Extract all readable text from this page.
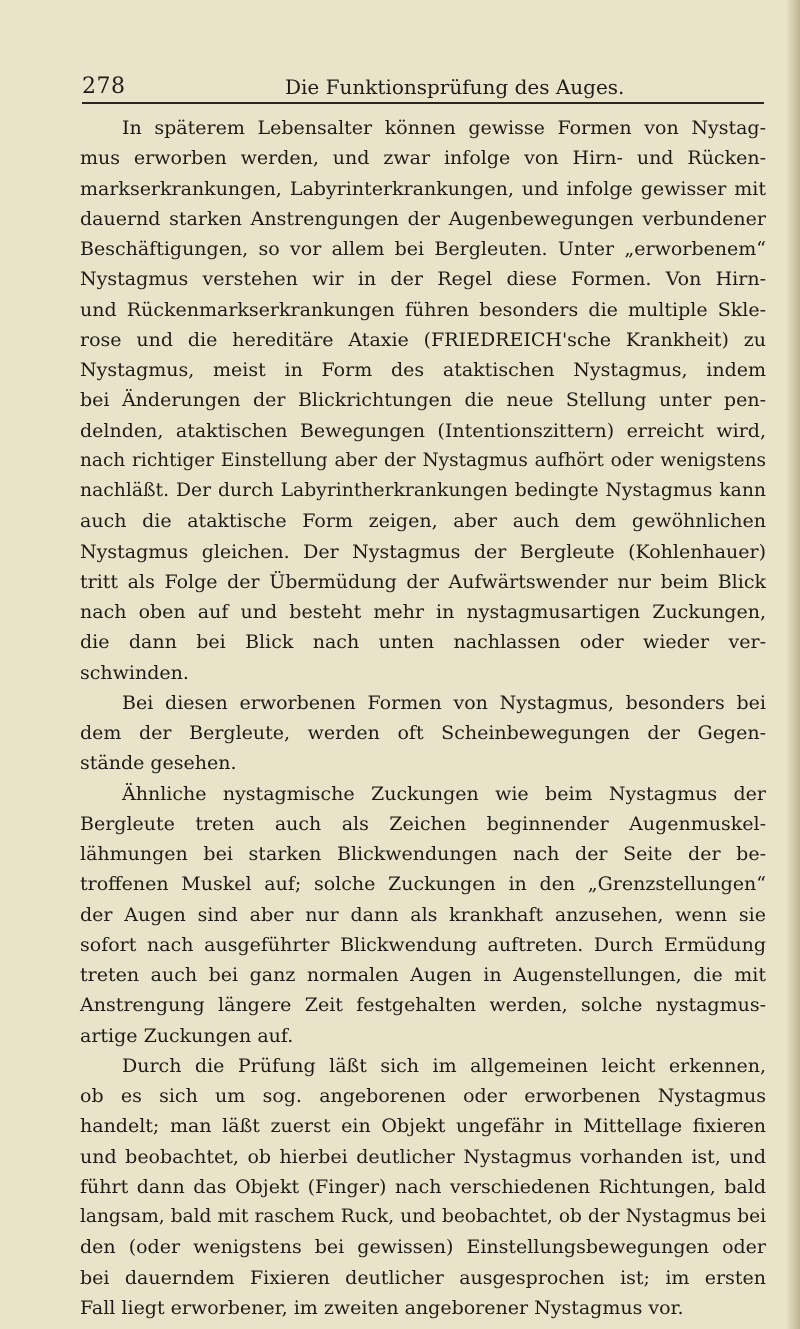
278	Die Funktionsprüfung des Auges.
In späterem Lebensalter können gewisse Formen von Nystag-
mus erworben werden, und zwar infolge von Hirn- und Rücken-
markserkrankungen, Labyrinterkrankungen, und infolge gewisser mit
dauernd starken Anstrengungen der Augenbewegungen verbundener
Beschäftigungen, so vor allem bei Bergleuten. Unter „erworbenem“
Nystagmus verstehen wir in der Regel diese Formen. Von Hirn-
und Rückenmarkserkrankungen führen besonders die multiple Skle-
rose und die hereditäre Ataxie (FRIEDREICH'sche Krankheit) zu
Nystagmus, meist in Form des ataktischen Nystagmus, indem
bei Änderungen der Blickrichtungen die neue Stellung unter pen-
delnden, ataktischen Bewegungen (Intentionszittern) erreicht wird,
nach richtiger Einstellung aber der Nystagmus aufhört oder wenigstens
nachläßt. Der durch Labyrintherkrankungen bedingte Nystagmus kann
auch die ataktische Form zeigen, aber auch dem gewöhnlichen
Nystagmus gleichen. Der Nystagmus der Bergleute (Kohlenhauer)
tritt als Folge der Übermüdung der Aufwärtswender nur beim Blick
nach oben auf und besteht mehr in nystagmusartigen Zuckungen,
die dann bei Blick nach unten nachlassen oder wieder ver-
schwinden.
Bei diesen erworbenen Formen von Nystagmus, besonders bei
dem der Bergleute, werden oft Scheinbewegungen der Gegen-
stände gesehen.
Ähnliche nystagmische Zuckungen wie beim Nystagmus der
Bergleute treten auch als Zeichen beginnender Augenmuskel-
lähmungen bei starken Blickwendungen nach der Seite der be-
troffenen Muskel auf; solche Zuckungen in den „Grenzstellungen“
der Augen sind aber nur dann als krankhaft anzusehen, wenn sie
sofort nach ausgeführter Blickwendung auftreten. Durch Ermüdung
treten auch bei ganz normalen Augen in Augenstellungen, die mit
Anstrengung längere Zeit festgehalten werden, solche nystagmus-
artige Zuckungen auf.
Durch die Prüfung läßt sich im allgemeinen leicht erkennen,
ob es sich um sog. angeborenen oder erworbenen Nystagmus
handelt; man läßt zuerst ein Objekt ungefähr in Mittellage fixieren
und beobachtet, ob hierbei deutlicher Nystagmus vorhanden ist, und
führt dann das Objekt (Finger) nach verschiedenen Richtungen, bald
langsam, bald mit raschem Ruck, und beobachtet, ob der Nystagmus bei
den (oder wenigstens bei gewissen) Einstellungsbewegungen oder
bei dauerndem Fixieren deutlicher ausgesprochen ist; im ersten
Fall liegt erworbener, im zweiten angeborener Nystagmus vor.
